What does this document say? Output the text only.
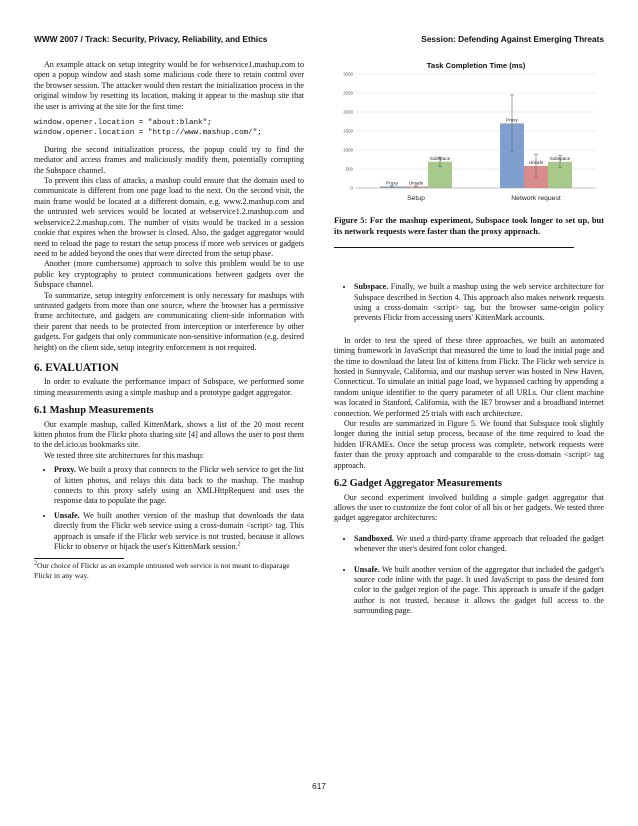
WWW 2007 / Track: Security, Privacy, Reliability, and Ethics	Session: Defending Against Emerging Threats

An example attack on setup integrity would be for webservice1.mashup.com to open a popup window and stash some malicious code there to retain control over the browser session. The attacker would then restart the initialization process in the original window by resetting its location, making it appear to the mashup site that the user is arriving at the site for the first time:

window.opener.location = "about:blank";
window.opener.location = "http://www.mashup.com/";

During the second initialization process, the popup could try to find the mediator and access frames and maliciously modify them, potentially corrupting the Subspace channel.

To prevent this class of attacks, a mashup could ensure that the domain used to communicate is different from one page load to the next. On the second visit, the main frame would be located at a different domain, e.g. www.2.mashup.com and the untrusted web services would be located at webservice1.2.mashup.com and webservice2.2.mashup.com. The number of visits would be tracked in a session cookie that expires when the browser is closed. Also, the gadget aggregator would need to reload the page to restart the setup process if more web services or gadgets need to be added beyond the ones that were directed from the setup phase.

Another (more cumbersome) approach to solve this problem would be to use public key cryptography to protect communications between gadgets over the Subspace channel.

To summarize, setup integrity enforcement is only necessary for mashups with untrusted gadgets from more than one source, where the browser has a permissive frame architecture, and gadgets are communicating client-side information with their parent that needs to be protected from interception or interference by other gadgets. For gadgets that only communicate non-sensitive information (e.g. desired height) on the client side, setup integrity enforcement is not required.

6. EVALUATION

In order to evaluate the performance impact of Subspace, we performed some timing measurements using a simple mashup and a prototype gadget aggregator.

6.1 Mashup Measurements

Our example mashup, called KittenMark, shows a list of the 20 most recent kitten photos from the Flickr photo sharing site [4] and allows the user to post them to the del.icio.us bookmarks site.

We tested three site architectures for this mashup:

• Proxy. We built a proxy that connects to the Flickr web service to get the list of kitten photos, and relays this data back to the mashup. The mashup connects to this proxy safely using an XMLHttpRequest and uses the response data to populate the page.
• Unsafe. We built another version of the mashup that downloads the data directly from the Flickr web service using a cross-domain <script> tag. This approach is unsafe if the Flickr web service is not trusted, because it allows Flickr to observe or hijack the user's KittenMark session.$^2$
$^2$Our choice of Flickr as an example untrusted web service is not meant to disparage Flickr in any way.
Task Completion Time (ms)
0
500
1000
1500
2000
2500
3000
Proxy Unsafe
Subspace
Setup
Proxy
Unsafe
Subspace
Network request
Figure 5: For the mashup experiment, Subspace took longer to set up, but its network requests were faster than the proxy approach.
• Subspace. Finally, we built a mashup using the web service architecture for Subspace described in Section 4. This approach also makes network requests using a cross-domain <script> tag, but the browser same-origin policy prevents Flickr from accessing users' KittenMark accounts.

In order to test the speed of these three approaches, we built an automated timing framework in JavaScript that measured the time to load the initial page and the time to download the latest list of kittens from Flickr. The Flickr web service is hosted in Sunnyvale, California, and our mashup server was hosted in New Haven, Connecticut. To simulate an initial page load, we bypassed caching by appending a random unique identifier to the query parameter of all URLs. Our client machine was located in Stanford, California, with the IE7 browser and a broadband internet connection. We performed 25 trials with each architecture.

Our results are summarized in Figure 5. We found that Subspace took slightly longer during the initial setup process, because of the time required to load the hidden IFRAMEs. Once the setup process was complete, network requests were faster than the proxy approach and comparable to the cross-domain <script> tag approach.

6.2 Gadget Aggregator Measurements

Our second experiment involved building a simple gadget aggregator that allows the user to customize the font color of all his or her gadgets. We tested three gadget aggregator architectures:

• Sandboxed. We used a third-party iframe approach that reloaded the gadget whenever the user's desired font color changed.
• Unsafe. We built another version of the aggregator that included the gadget's source code inline with the page. It used JavaScript to pass the desired font color to the gadget region of the page. This approach is unsafe if the gadget author is not trusted, because it allows the gadget full access to the surrounding page.
617
